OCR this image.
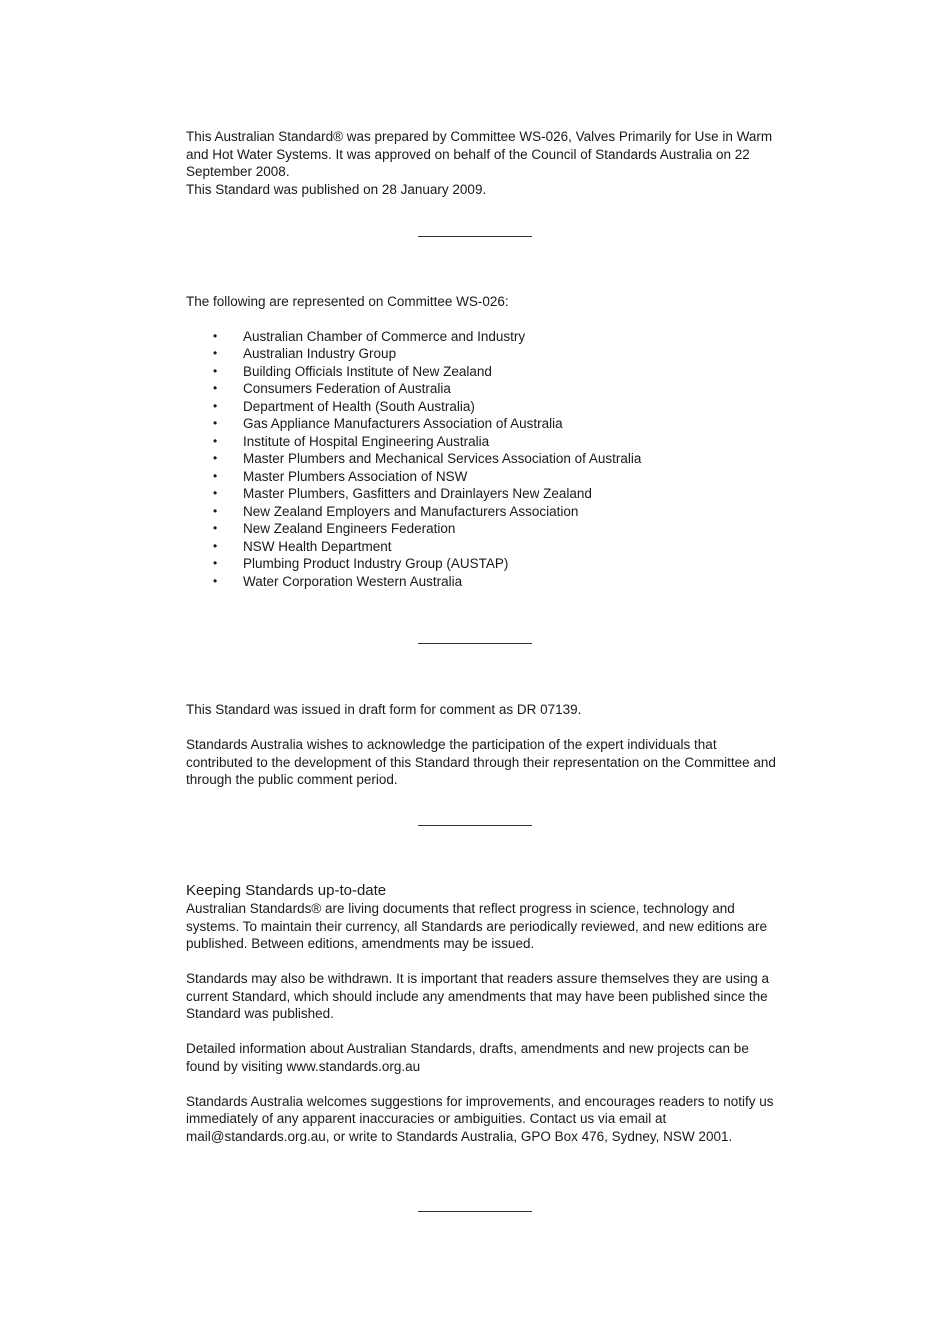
This Australian Standard® was prepared by Committee WS-026, Valves Primarily for Use in Warm and Hot Water Systems. It was approved on behalf of the Council of Standards Australia on 22 September 2008.

This Standard was published on 28 January 2009.

The following are represented on Committee WS-026:

• Australian Chamber of Commerce and Industry
• Australian Industry Group
• Building Officials Institute of New Zealand
• Consumers Federation of Australia
• Department of Health (South Australia)
• Gas Appliance Manufacturers Association of Australia
• Institute of Hospital Engineering Australia
• Master Plumbers and Mechanical Services Association of Australia
• Master Plumbers Association of NSW
• Master Plumbers, Gasfitters and Drainlayers New Zealand
• New Zealand Employers and Manufacturers Association
• New Zealand Engineers Federation
• NSW Health Department
• Plumbing Product Industry Group (AUSTAP)
• Water Corporation Western Australia

This Standard was issued in draft form for comment as DR 07139.

Standards Australia wishes to acknowledge the participation of the expert individuals that contributed to the development of this Standard through their representation on the Committee and through the public comment period.

Keeping Standards up-to-date

Australian Standards® are living documents that reflect progress in science, technology and systems. To maintain their currency, all Standards are periodically reviewed, and new editions are published. Between editions, amendments may be issued.

Standards may also be withdrawn. It is important that readers assure themselves they are using a current Standard, which should include any amendments that may have been published since the Standard was published.

Detailed information about Australian Standards, drafts, amendments and new projects can be found by visiting www.standards.org.au

Standards Australia welcomes suggestions for improvements, and encourages readers to notify us immediately of any apparent inaccuracies or ambiguities. Contact us via email at mail@standards.org.au, or write to Standards Australia, GPO Box 476, Sydney, NSW 2001.
